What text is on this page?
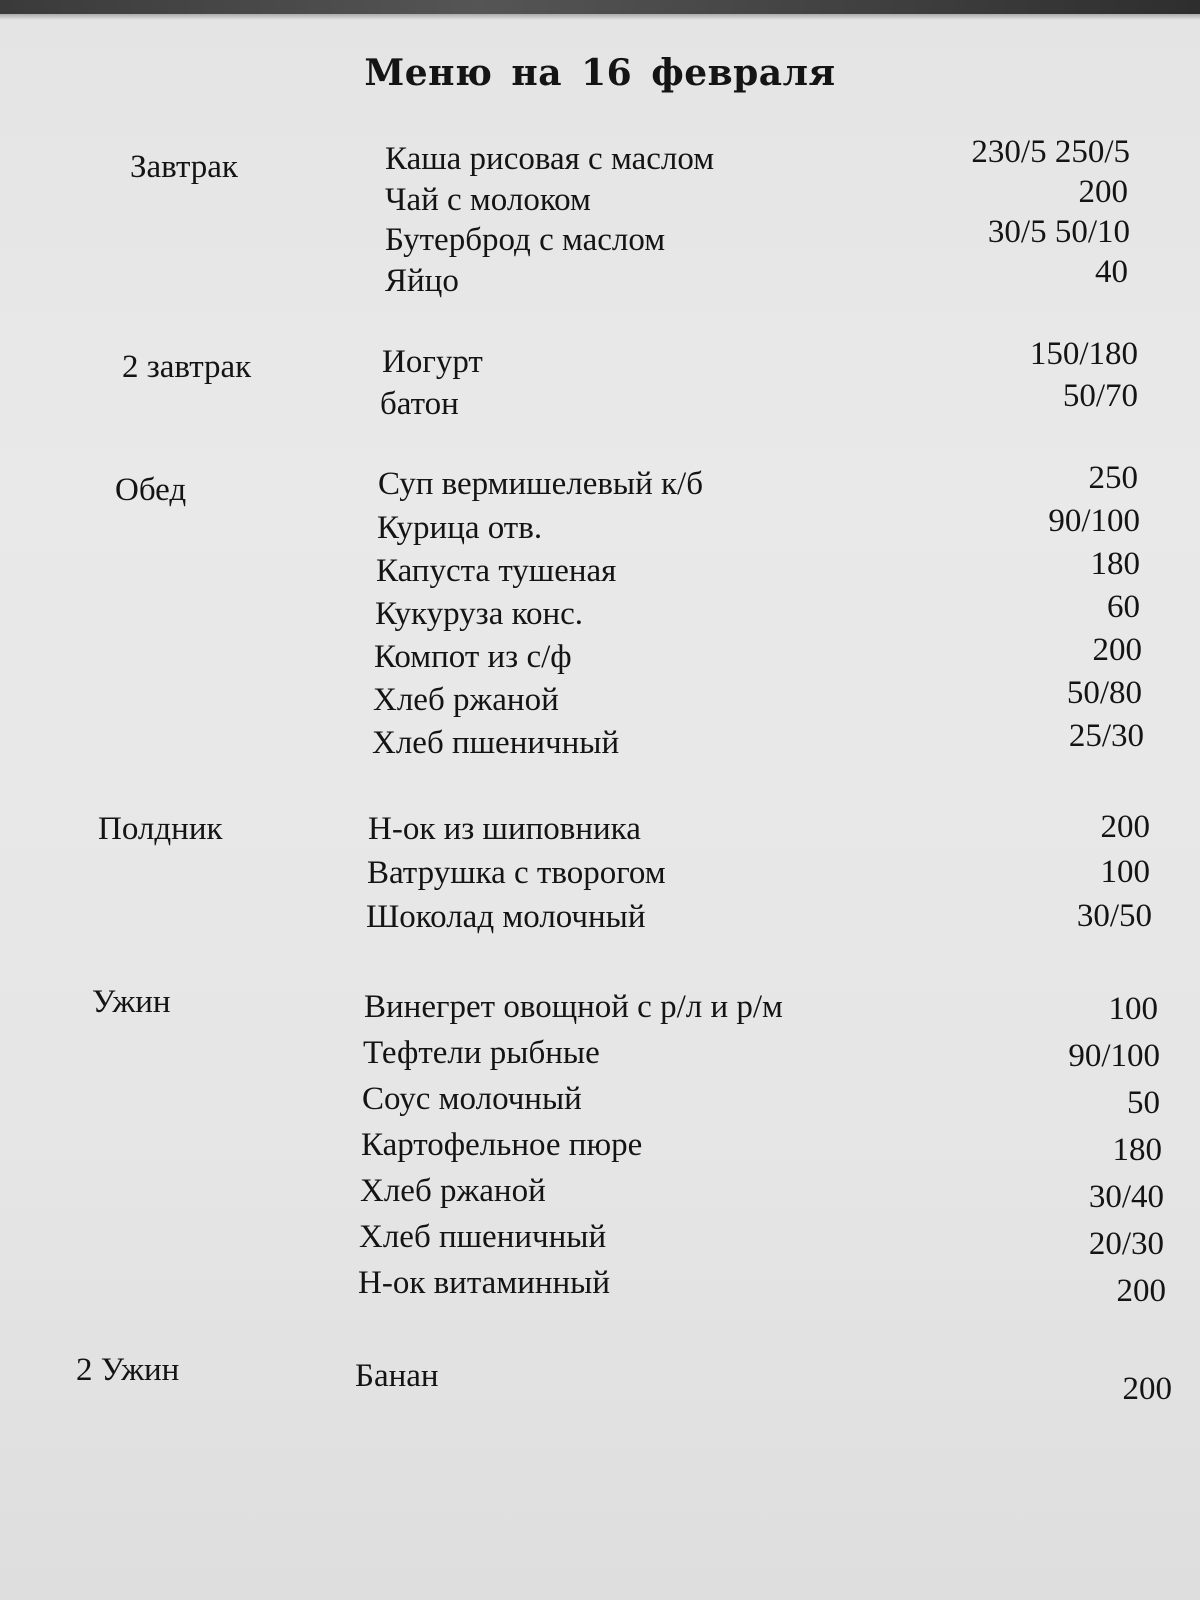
Меню на 16 февраля
Завтрак	Каша рисовая с маслом	230/5 250/5
Чай с молоком	200
Бутерброд с маслом	30/5 50/10
Яйцо	40
2 завтрак	Иогурт	150/180
батон	50/70
Обед	Суп вермишелевый к/б	250
Курица отв.	90/100
Капуста тушеная	180
Кукуруза конс.	60
Компот из с/ф	200
Хлеб ржаной	50/80
Хлеб пшеничный	25/30
Полдник	Н-ок из шиповника	200
Ватрушка с творогом	100
Шоколад молочный	30/50
Ужин	Винегрет овощной с р/л и р/м	100
Тефтели рыбные	90/100
Соус молочный	50
Картофельное пюре	180
Хлеб ржаной	30/40
Хлеб пшеничный	20/30
Н-ок витаминный	200
2 Ужин	Банан	200
